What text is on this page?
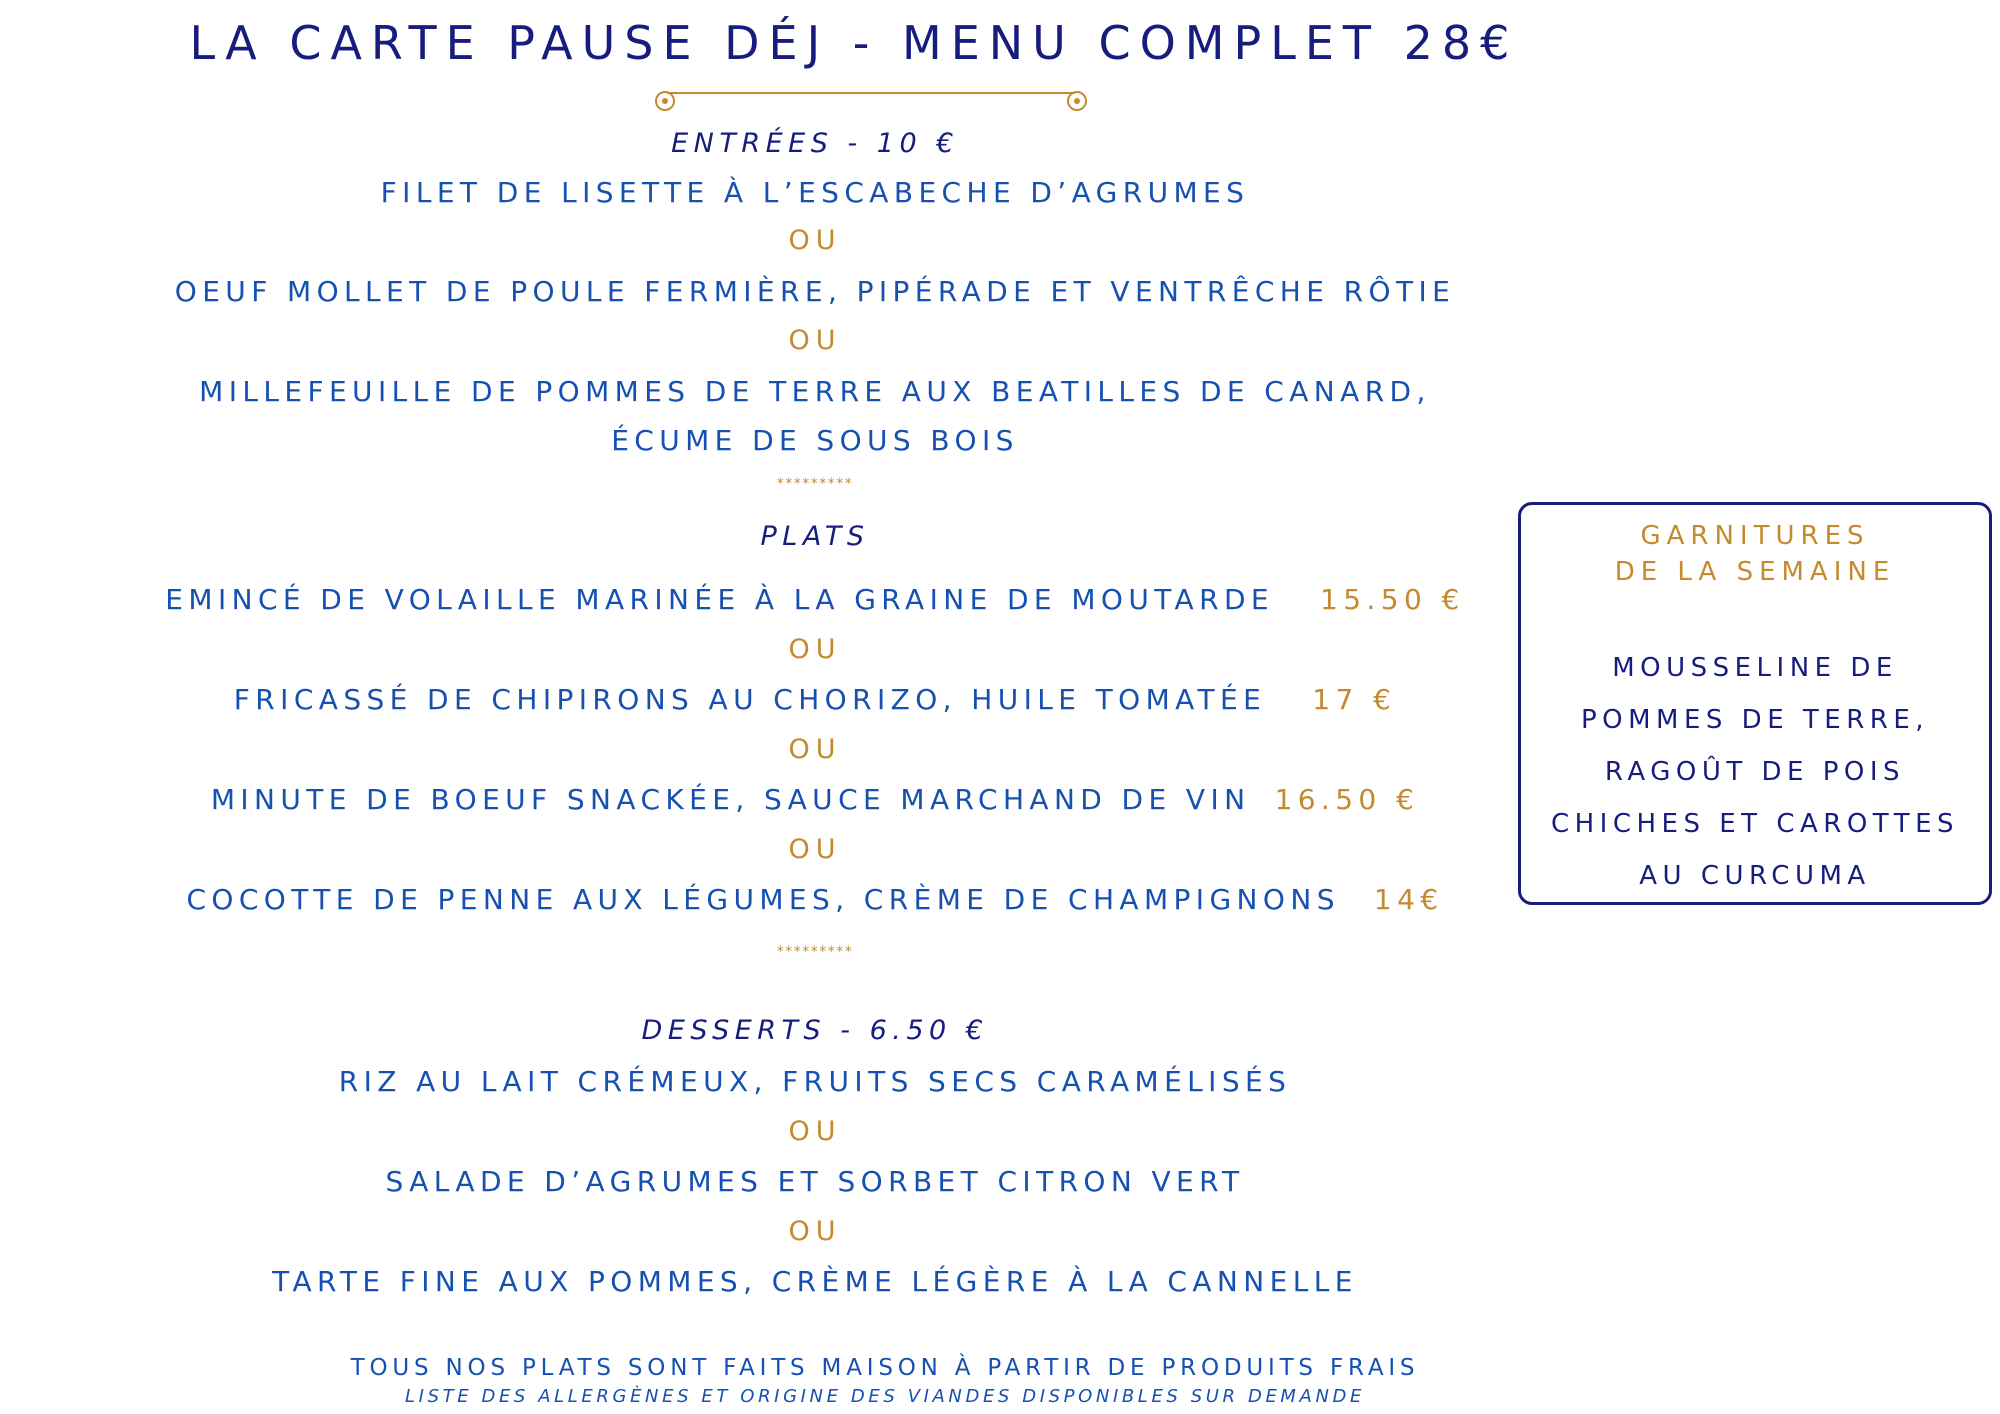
LA CARTE PAUSE DÉJ - MENU COMPLET 28€
ENTRÉES - 10 €
FILET DE LISETTE À L’ESCABECHE D’AGRUMES
OU
OEUF MOLLET DE POULE FERMIÈRE, PIPÉRADE ET VENTRÊCHE RÔTIE
OU
MILLEFEUILLE DE POMMES DE TERRE AUX BEATILLES DE CANARD,
ÉCUME DE SOUS BOIS
*********
PLATS
EMINCÉ DE VOLAILLE MARINÉE À LA GRAINE DE MOUTARDE 15.50 €
OU
FRICASSÉ DE CHIPIRONS AU CHORIZO, HUILE TOMATÉE 17 €
OU
MINUTE DE BOEUF SNACKÉE, SAUCE MARCHAND DE VIN 16.50 €
OU
COCOTTE DE PENNE AUX LÉGUMES, CRÈME DE CHAMPIGNONS 14€
*********
DESSERTS - 6.50 €
RIZ AU LAIT CRÉMEUX, FRUITS SECS CARAMÉLISÉS
OU
SALADE D’AGRUMES ET SORBET CITRON VERT
OU
TARTE FINE AUX POMMES, CRÈME LÉGÈRE À LA CANNELLE
TOUS NOS PLATS SONT FAITS MAISON À PARTIR DE PRODUITS FRAIS
LISTE DES ALLERGÈNES ET ORIGINE DES VIANDES DISPONIBLES SUR DEMANDE
GARNITURES
DE LA SEMAINE
MOUSSELINE DE
POMMES DE TERRE,
RAGOÛT DE POIS
CHICHES ET CAROTTES
AU CURCUMA
